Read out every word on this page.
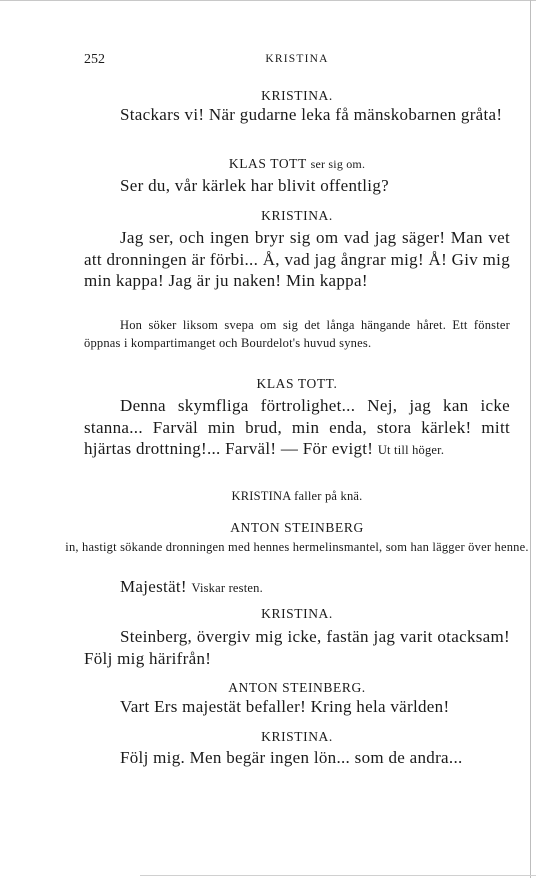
252	KRISTINA
KRISTINA.
Stackars vi! När gudarne leka få mänskobarnen gråta!
KLAS TOTT ser sig om.
Ser du, vår kärlek har blivit offentlig?
KRISTINA.
Jag ser, och ingen bryr sig om vad jag säger! Man vet att dronningen är förbi... Å, vad jag ångrar mig! Å! Giv mig min kappa! Jag är ju naken! Min kappa!
Hon söker liksom svepa om sig det långa hängande håret. Ett fönster öppnas i kompartimanget och Bourdelot's huvud synes.
KLAS TOTT.
Denna skymfliga förtrolighet... Nej, jag kan icke stanna... Farväl min brud, min enda, stora kärlek! mitt hjärtas drottning!... Farväl! — För evigt! Ut till höger.
KRISTINA faller på knä.
ANTON STEINBERG
in, hastigt sökande dronningen med hennes hermelinsmantel, som han lägger över henne.
Majestät! Viskar resten.
KRISTINA.
Steinberg, övergiv mig icke, fastän jag varit otacksam! Följ mig härifrån!
ANTON STEINBERG.
Vart Ers majestät befaller! Kring hela världen!
KRISTINA.
Följ mig. Men begär ingen lön... som de andra...
